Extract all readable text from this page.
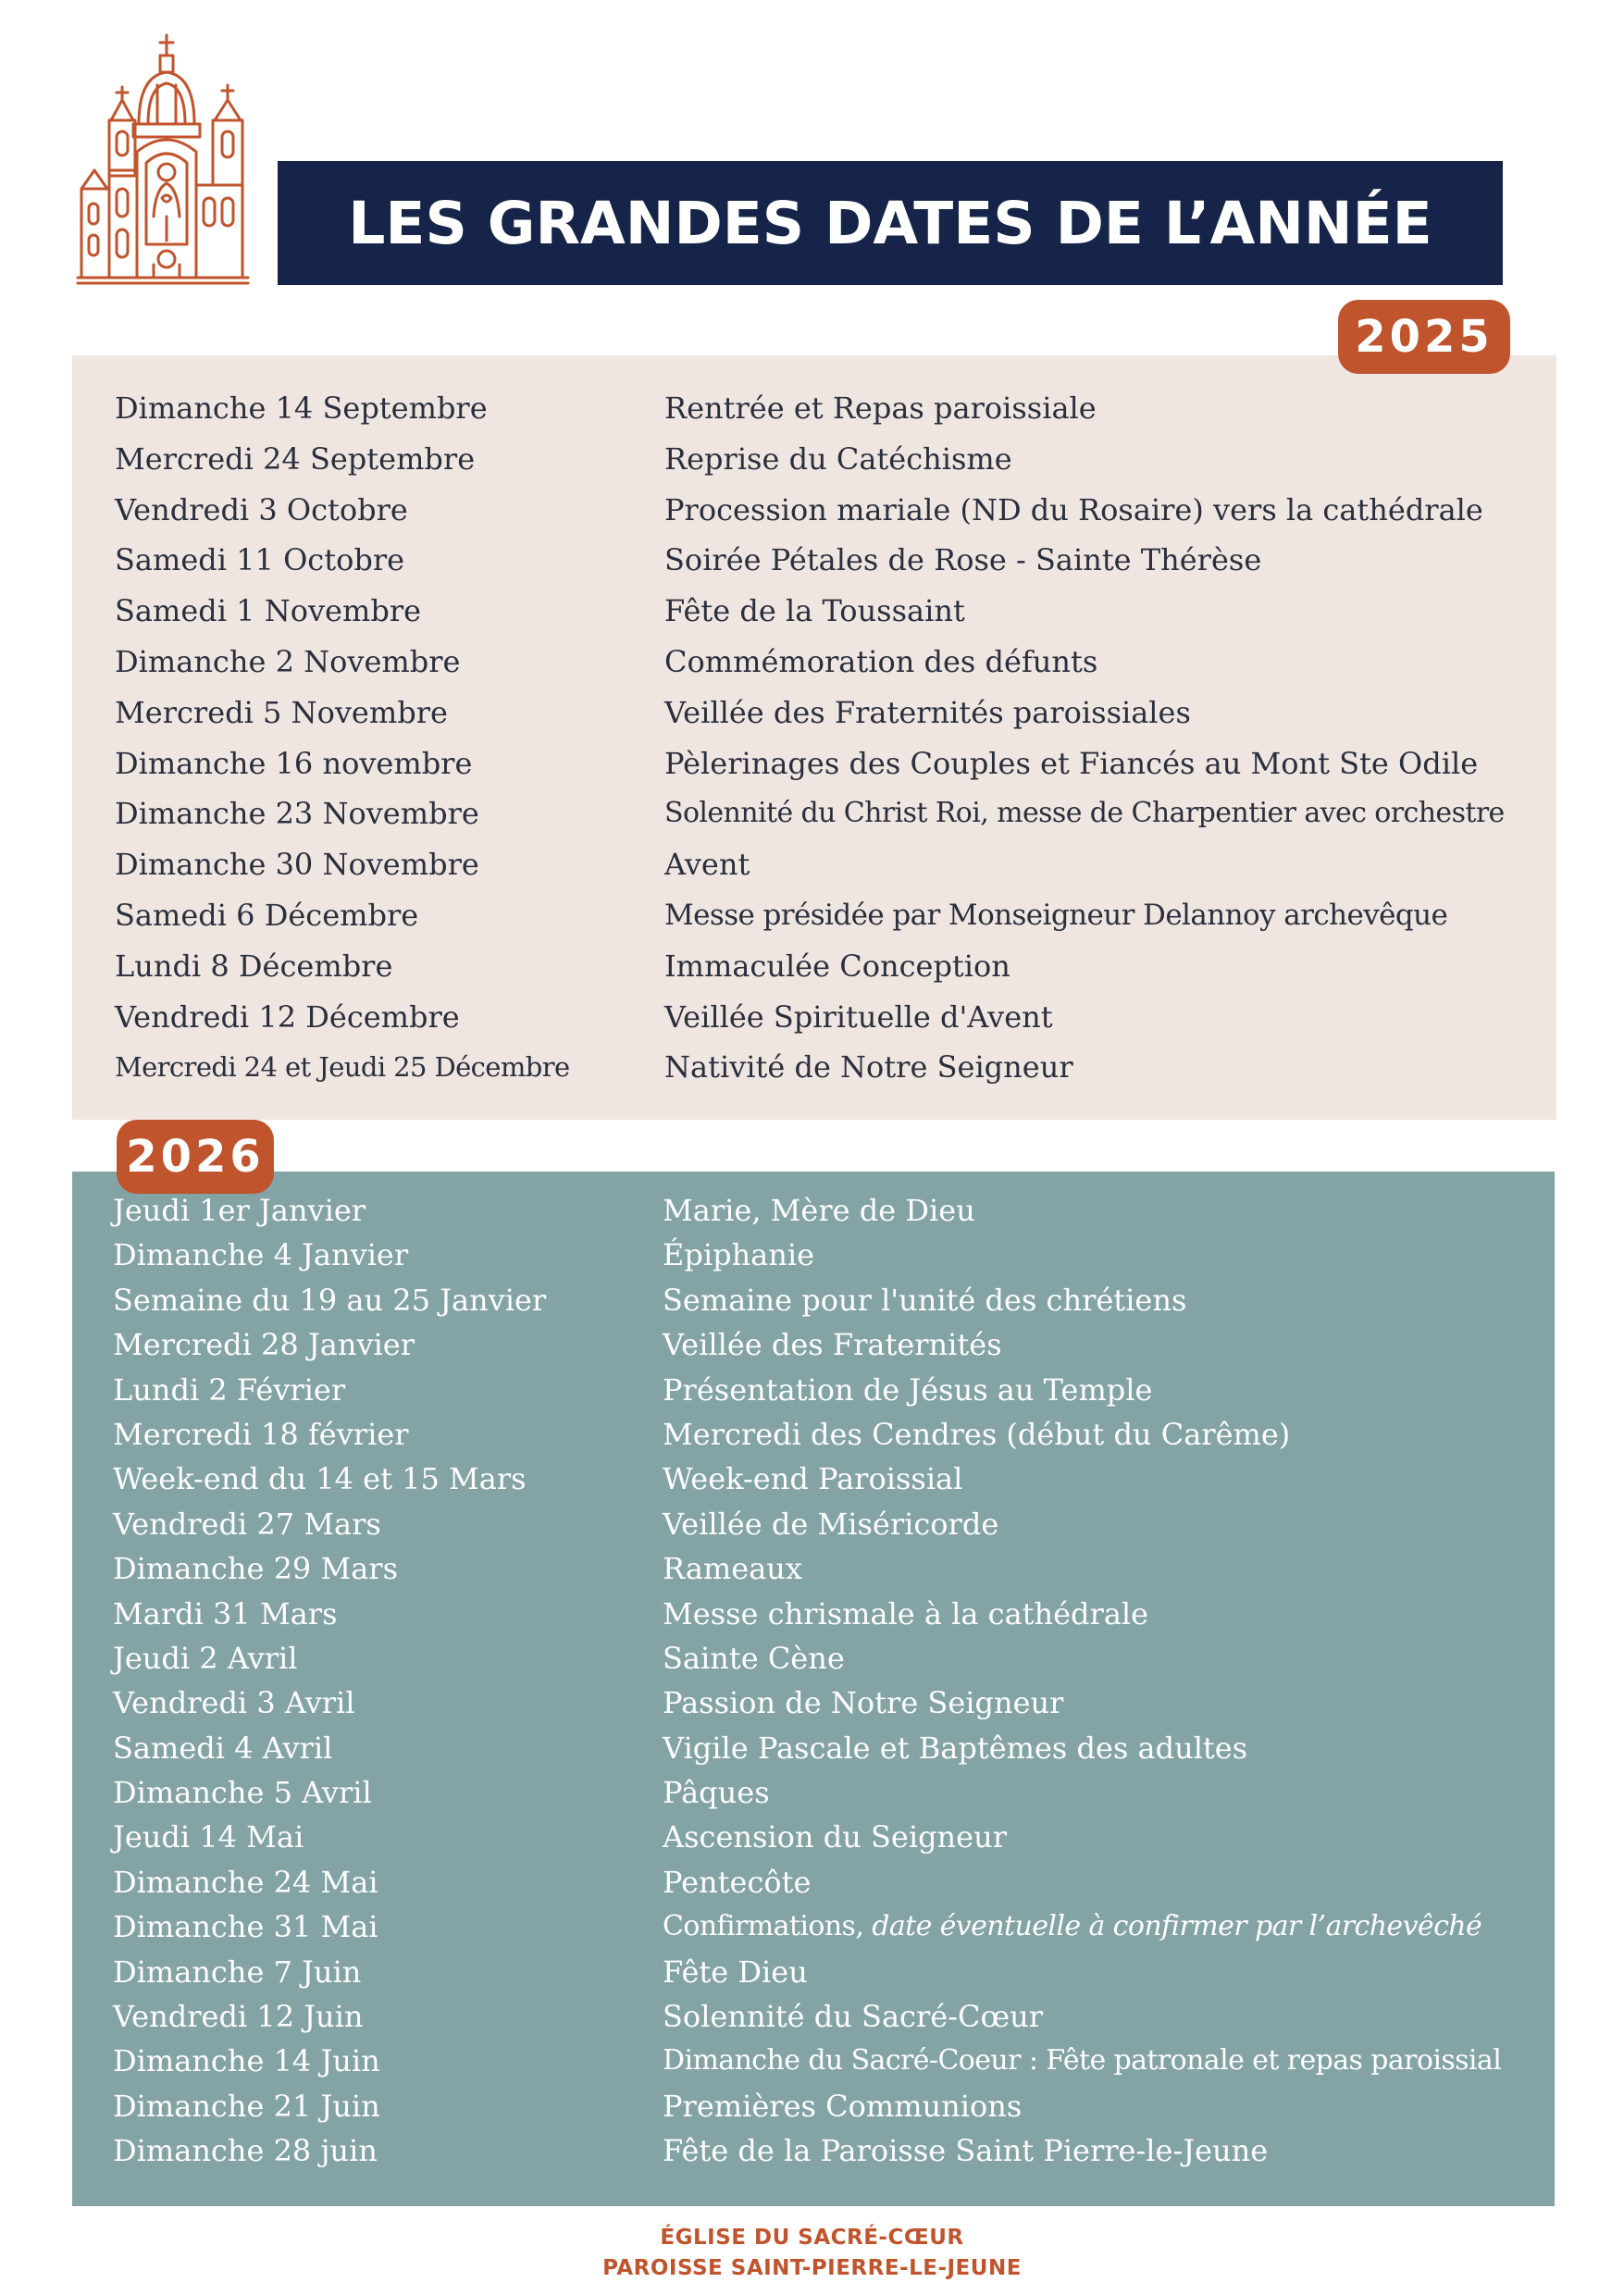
LES GRANDES DATES DE L’ANNÉE
2025
2026
Dimanche 14 Septembre	Rentrée et Repas paroissiale
Mercredi 24 Septembre	Reprise du Catéchisme
Vendredi 3 Octobre	Procession mariale (ND du Rosaire) vers la cathédrale
Samedi 11 Octobre	Soirée Pétales de Rose - Sainte Thérèse
Samedi 1 Novembre	Fête de la Toussaint
Dimanche 2 Novembre	Commémoration des défunts
Mercredi 5 Novembre	Veillée des Fraternités paroissiales
Dimanche 16 novembre	Pèlerinages des Couples et Fiancés au Mont Ste Odile
Dimanche 23 Novembre	Solennité du Christ Roi, messe de Charpentier avec orchestre
Dimanche 30 Novembre	Avent
Samedi 6 Décembre	Messe présidée par Monseigneur Delannoy archevêque
Lundi 8 Décembre	Immaculée Conception
Vendredi 12 Décembre	Veillée Spirituelle d'Avent
Mercredi 24 et Jeudi 25 Décembre	Nativité de Notre Seigneur
Jeudi 1er Janvier	Marie, Mère de Dieu
Dimanche 4 Janvier	Épiphanie
Semaine du 19 au 25 Janvier	Semaine pour l'unité des chrétiens
Mercredi 28 Janvier	Veillée des Fraternités
Lundi 2 Février	Présentation de Jésus au Temple
Mercredi 18 février	Mercredi des Cendres (début du Carême)
Week-end du 14 et 15 Mars	Week-end Paroissial
Vendredi 27 Mars	Veillée de Miséricorde
Dimanche 29 Mars	Rameaux
Mardi 31 Mars	Messe chrismale à la cathédrale
Jeudi 2 Avril	Sainte Cène
Vendredi 3 Avril	Passion de Notre Seigneur
Samedi 4 Avril	Vigile Pascale et Baptêmes des adultes
Dimanche 5 Avril	Pâques
Jeudi 14 Mai	Ascension du Seigneur
Dimanche 24 Mai	Pentecôte
Dimanche 31 Mai	Confirmations, date éventuelle à confirmer par l’archevêché
Dimanche 7 Juin	Fête Dieu
Vendredi 12 Juin	Solennité du Sacré-Cœur
Dimanche 14 Juin	Dimanche du Sacré-Coeur : Fête patronale et repas paroissial
Dimanche 21 Juin	Premières Communions
Dimanche 28 juin	Fête de la Paroisse Saint Pierre-le-Jeune
ÉGLISE DU SACRÉ-CŒUR
PAROISSE SAINT-PIERRE-LE-JEUNE
